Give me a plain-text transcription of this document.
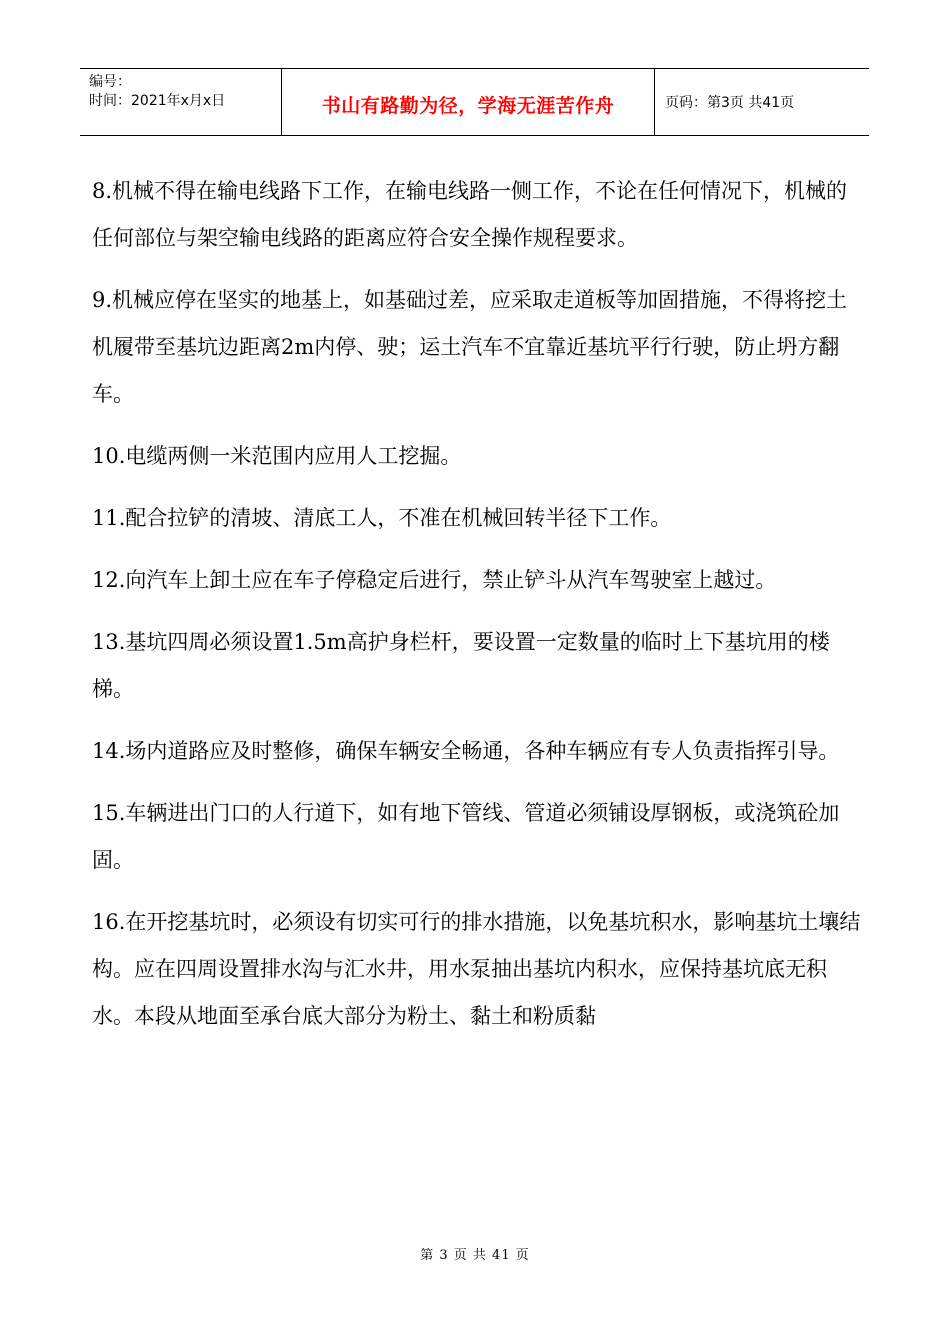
编号：
时间：2021年x月x日	书山有路勤为径，学海无涯苦作舟	页码：第3页 共41页

8.机械不得在输电线路下工作，在输电线路一侧工作，不论在任何情况下，机械的任何部位与架空输电线路的距离应符合安全操作规程要求。

9.机械应停在坚实的地基上，如基础过差，应采取走道板等加固措施，不得将挖土机履带至基坑边距离2m内停、驶；运土汽车不宜靠近基坑平行行驶，防止坍方翻车。

10.电缆两侧一米范围内应用人工挖掘。

11.配合拉铲的清坡、清底工人，不准在机械回转半径下工作。

12.向汽车上卸土应在车子停稳定后进行，禁止铲斗从汽车驾驶室上越过。

13.基坑四周必须设置1.5m高护身栏杆，要设置一定数量的临时上下基坑用的楼梯。

14.场内道路应及时整修，确保车辆安全畅通，各种车辆应有专人负责指挥引导。

15.车辆进出门口的人行道下，如有地下管线、管道必须铺设厚钢板，或浇筑砼加固。

16.在开挖基坑时，必须设有切实可行的排水措施，以免基坑积水，影响基坑土壤结构。应在四周设置排水沟与汇水井，用水泵抽出基坑内积水，应保持基坑底无积水。本段从地面至承台底大部分为粉土、黏土和粉质黏

第 3 页 共 41 页
